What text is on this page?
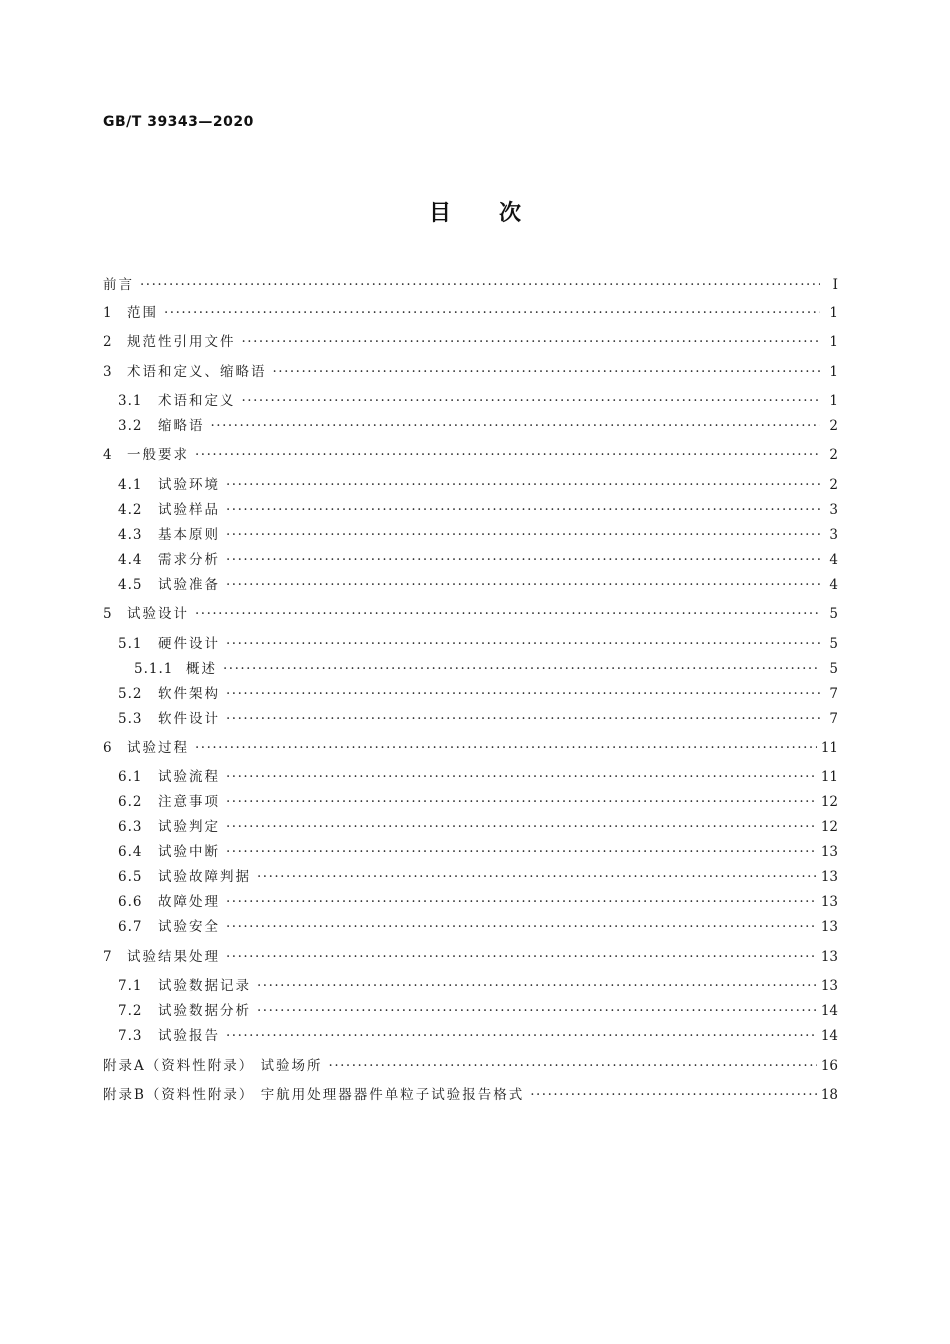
GB/T 39343—2020
目次
前言 ·····	Ⅰ
1	范围 ·····	1
2	规范性引用文件 ·····	1
3	术语和定义、缩略语 ·····	1
3.1	术语和定义 ·····	1
3.2	缩略语 ·····	2
4	一般要求 ·····	2
4.1	试验环境 ·····	2
4.2	试验样品 ·····	3
4.3	基本原则 ·····	3
4.4	需求分析 ·····	4
4.5	试验准备 ·····	4
5	试验设计 ·····	5
5.1	硬件设计 ·····	5
5.1.1 概述 ·····	5
5.2	软件架构 ·····	7
5.3	软件设计 ·····	7
6	试验过程 ·····	11
6.1	试验流程 ·····	11
6.2	注意事项 ·····	12
6.3	试验判定 ·····	12
6.4	试验中断 ·····	13
6.5	试验故障判据 ·····	13
6.6	故障处理 ·····	13
6.7	试验安全 ·····	13
7	试验结果处理 ·····	13
7.1	试验数据记录 ·····	13
7.2	试验数据分析 ·····	14
7.3	试验报告 ·····	14
附录A（资料性附录） 试验场所 ·····	16
附录B（资料性附录） 宇航用处理器器件单粒子试验报告格式 ·····	18
